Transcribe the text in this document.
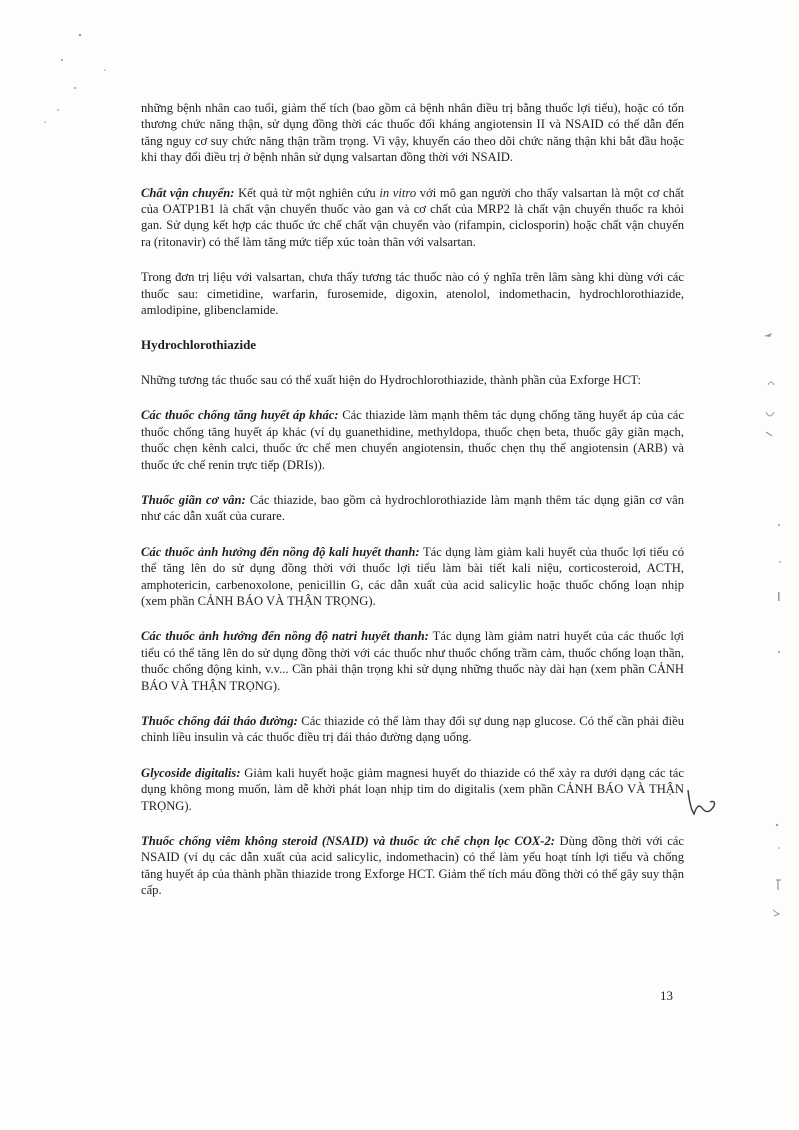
những bệnh nhân cao tuổi, giảm thể tích (bao gồm cả bệnh nhân điều trị bằng thuốc lợi tiểu), hoặc có tổn thương chức năng thận, sử dụng đồng thời các thuốc đối kháng angiotensin II và NSAID có thể dẫn đến tăng nguy cơ suy chức năng thận trầm trọng. Vì vậy, khuyến cáo theo dõi chức năng thận khi bắt đầu hoặc khi thay đổi điều trị ở bệnh nhân sử dụng valsartan đồng thời với NSAID.

Chất vận chuyển: Kết quả từ một nghiên cứu in vitro với mô gan người cho thấy valsartan là một cơ chất của OATP1B1 là chất vận chuyển thuốc vào gan và cơ chất của MRP2 là chất vận chuyển thuốc ra khỏi gan. Sử dụng kết hợp các thuốc ức chế chất vận chuyển vào (rifampin, ciclosporin) hoặc chất vận chuyển ra (ritonavir) có thể làm tăng mức tiếp xúc toàn thân với valsartan.

Trong đơn trị liệu với valsartan, chưa thấy tương tác thuốc nào có ý nghĩa trên lâm sàng khi dùng với các thuốc sau: cimetidine, warfarin, furosemide, digoxin, atenolol, indomethacin, hydrochlorothiazide, amlodipine, glibenclamide.

Hydrochlorothiazide

Những tương tác thuốc sau có thể xuất hiện do Hydrochlorothiazide, thành phần của Exforge HCT:

Các thuốc chống tăng huyết áp khác: Các thiazide làm mạnh thêm tác dụng chống tăng huyết áp của các thuốc chống tăng huyết áp khác (ví dụ guanethidine, methyldopa, thuốc chẹn beta, thuốc gây giãn mạch, thuốc chẹn kênh calci, thuốc ức chế men chuyển angiotensin, thuốc chẹn thụ thể angiotensin (ARB) và thuốc ức chế renin trực tiếp (DRIs)).

Thuốc giãn cơ vân: Các thiazide, bao gồm cả hydrochlorothiazide làm mạnh thêm tác dụng giãn cơ vân như các dẫn xuất của curare.

Các thuốc ảnh hưởng đến nồng độ kali huyết thanh: Tác dụng làm giảm kali huyết của thuốc lợi tiểu có thể tăng lên do sử dụng đồng thời với thuốc lợi tiểu làm bài tiết kali niệu, corticosteroid, ACTH, amphotericin, carbenoxolone, penicillin G, các dẫn xuất của acid salicylic hoặc thuốc chống loạn nhịp (xem phần CẢNH BÁO VÀ THẬN TRỌNG).

Các thuốc ảnh hưởng đến nồng độ natri huyết thanh: Tác dụng làm giảm natri huyết của các thuốc lợi tiểu có thể tăng lên do sử dụng đồng thời với các thuốc như thuốc chống trầm cảm, thuốc chống loạn thần, thuốc chống động kinh, v.v... Cần phải thận trọng khi sử dụng những thuốc này dài hạn (xem phần CẢNH BÁO VÀ THẬN TRỌNG).

Thuốc chống đái tháo đường: Các thiazide có thể làm thay đổi sự dung nạp glucose. Có thể cần phải điều chỉnh liều insulin và các thuốc điều trị đái tháo đường dạng uống.

Glycoside digitalis: Giảm kali huyết hoặc giảm magnesi huyết do thiazide có thể xảy ra dưới dạng các tác dụng không mong muốn, làm dễ khởi phát loạn nhịp tim do digitalis (xem phần CẢNH BÁO VÀ THẬN TRỌNG).

Thuốc chống viêm không steroid (NSAID) và thuốc ức chế chọn lọc COX-2: Dùng đồng thời với các NSAID (ví dụ các dẫn xuất của acid salicylic, indomethacin) có thể làm yếu hoạt tính lợi tiểu và chống tăng huyết áp của thành phần thiazide trong Exforge HCT. Giảm thể tích máu đồng thời có thể gây suy thận cấp.

13
